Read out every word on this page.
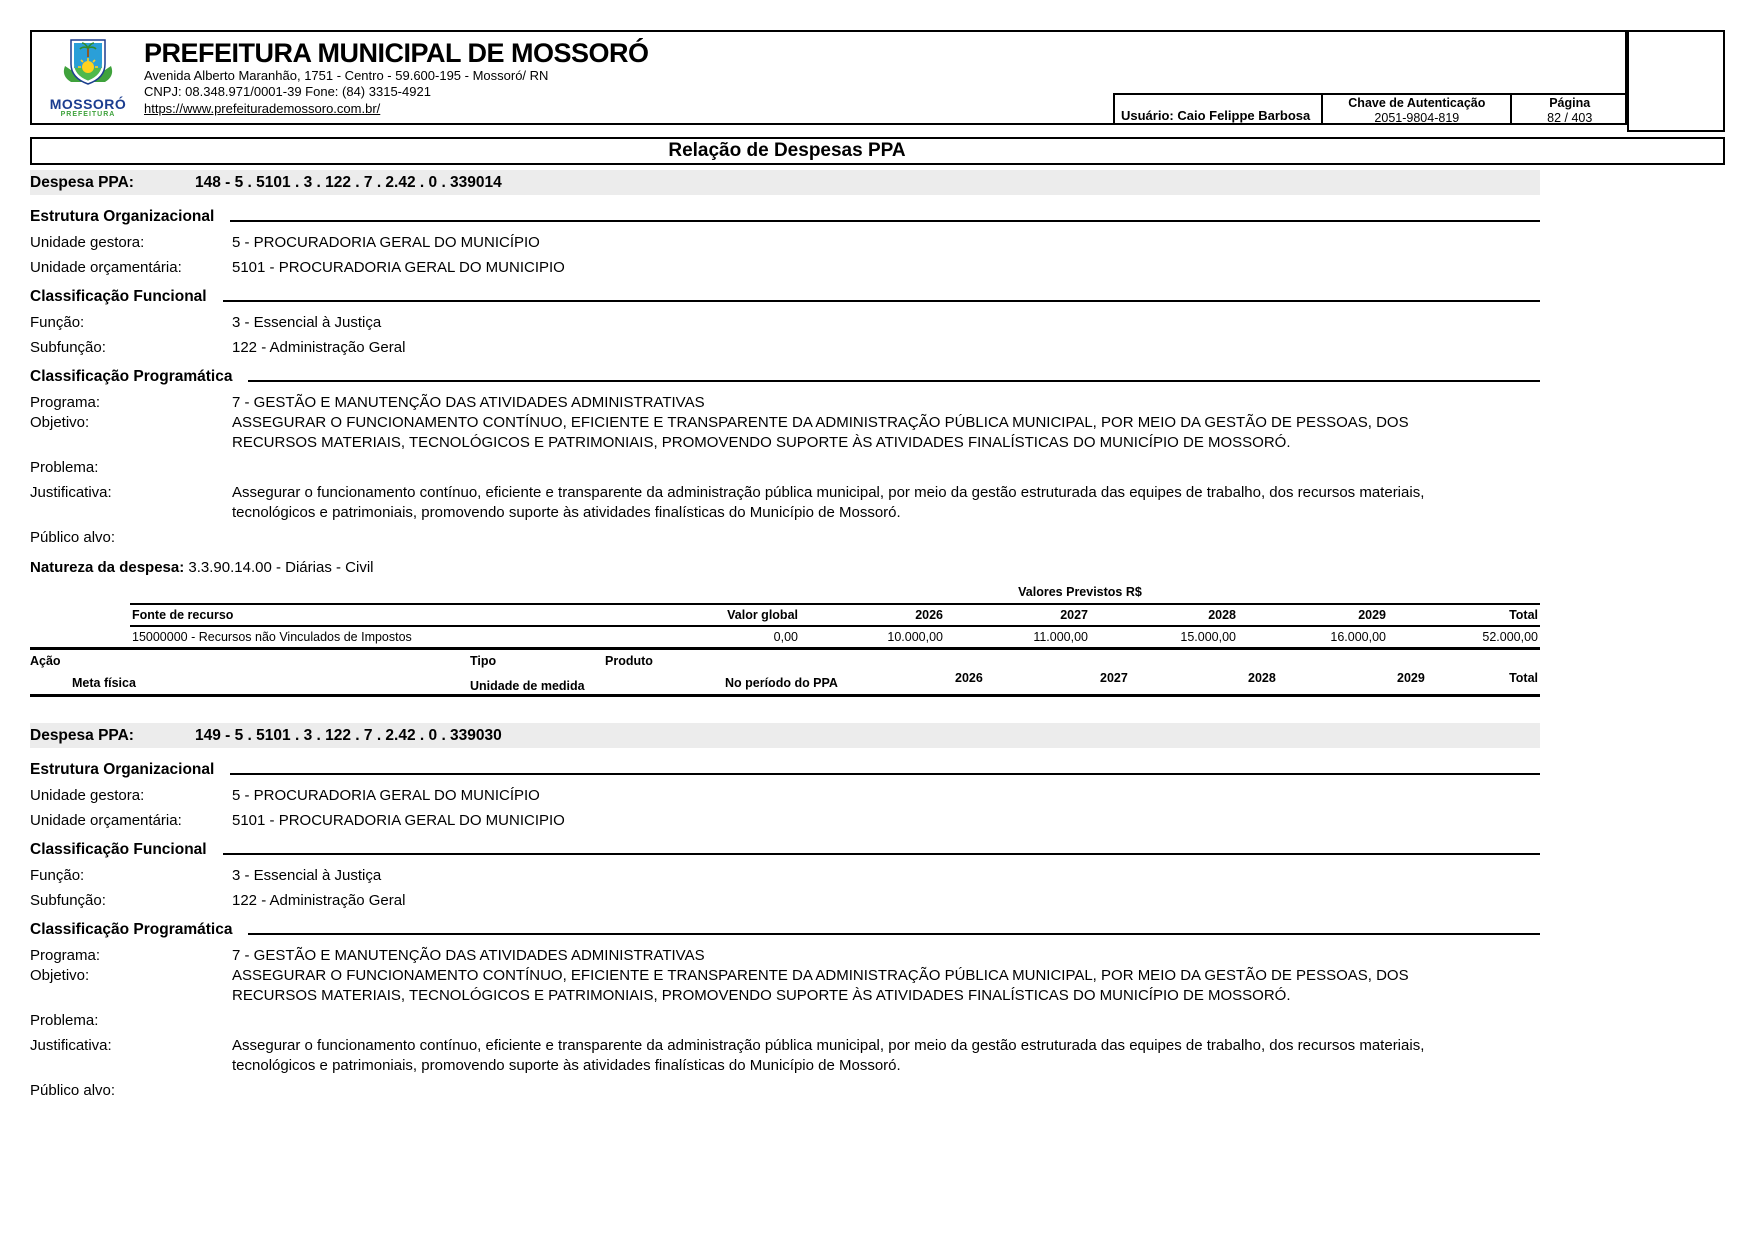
MOSSORÓ
PREFEITURA
PREFEITURA MUNICIPAL DE MOSSORÓ
Avenida Alberto Maranhão, 1751 - Centro - 59.600-195 - Mossoró/ RN
CNPJ: 08.348.971/0001-39 Fone: (84) 3315-4921
https://www.prefeiturademossoro.com.br/	Usuário: Caio Felippe Barbosa
Chave de Autenticação
2051-9804-819
Página
82 / 403
Relação de Despesas PPA
Despesa PPA:	148 - 5 . 5101 . 3 . 122 . 7 . 2.42 . 0 . 339014
Estrutura Organizacional
Unidade gestora:	5 - PROCURADORIA GERAL DO MUNICÍPIO
Unidade orçamentária:	5101 - PROCURADORIA GERAL DO MUNICIPIO
Classificação Funcional
Função:	3 - Essencial à Justiça
Subfunção:	122 - Administração Geral
Classificação Programática
Programa:	7 - GESTÃO E MANUTENÇÃO DAS ATIVIDADES ADMINISTRATIVAS
Objetivo:	ASSEGURAR O FUNCIONAMENTO CONTÍNUO, EFICIENTE E TRANSPARENTE DA ADMINISTRAÇÃO PÚBLICA MUNICIPAL, POR MEIO DA GESTÃO DE PESSOAS, DOS RECURSOS MATERIAIS, TECNOLÓGICOS E PATRIMONIAIS, PROMOVENDO SUPORTE ÀS ATIVIDADES FINALÍSTICAS DO MUNICÍPIO DE MOSSORÓ.
Problema:
Justificativa:	Assegurar o funcionamento contínuo, eficiente e transparente da administração pública municipal, por meio da gestão estruturada das equipes de trabalho, dos recursos materiais, tecnológicos e patrimoniais, promovendo suporte às atividades finalísticas do Município de Mossoró.
Público alvo:
Natureza da despesa: 3.3.90.14.00 - Diárias - Civil
Valores Previstos R$
Fonte de recurso	Valor global	2026	2027	2028	2029	Total
15000000 - Recursos não Vinculados de Impostos	0,00	10.000,00	11.000,00	15.000,00	16.000,00	52.000,00
Ação	Tipo	Produto
Meta física	Unidade de medida	No período do PPA	2026	2027	2028	2029	Total
Despesa PPA:	149 - 5 . 5101 . 3 . 122 . 7 . 2.42 . 0 . 339030
Estrutura Organizacional
Unidade gestora:	5 - PROCURADORIA GERAL DO MUNICÍPIO
Unidade orçamentária:	5101 - PROCURADORIA GERAL DO MUNICIPIO
Classificação Funcional
Função:	3 - Essencial à Justiça
Subfunção:	122 - Administração Geral
Classificação Programática
Programa:	7 - GESTÃO E MANUTENÇÃO DAS ATIVIDADES ADMINISTRATIVAS
Objetivo:	ASSEGURAR O FUNCIONAMENTO CONTÍNUO, EFICIENTE E TRANSPARENTE DA ADMINISTRAÇÃO PÚBLICA MUNICIPAL, POR MEIO DA GESTÃO DE PESSOAS, DOS RECURSOS MATERIAIS, TECNOLÓGICOS E PATRIMONIAIS, PROMOVENDO SUPORTE ÀS ATIVIDADES FINALÍSTICAS DO MUNICÍPIO DE MOSSORÓ.
Problema:
Justificativa:	Assegurar o funcionamento contínuo, eficiente e transparente da administração pública municipal, por meio da gestão estruturada das equipes de trabalho, dos recursos materiais, tecnológicos e patrimoniais, promovendo suporte às atividades finalísticas do Município de Mossoró.
Público alvo:
